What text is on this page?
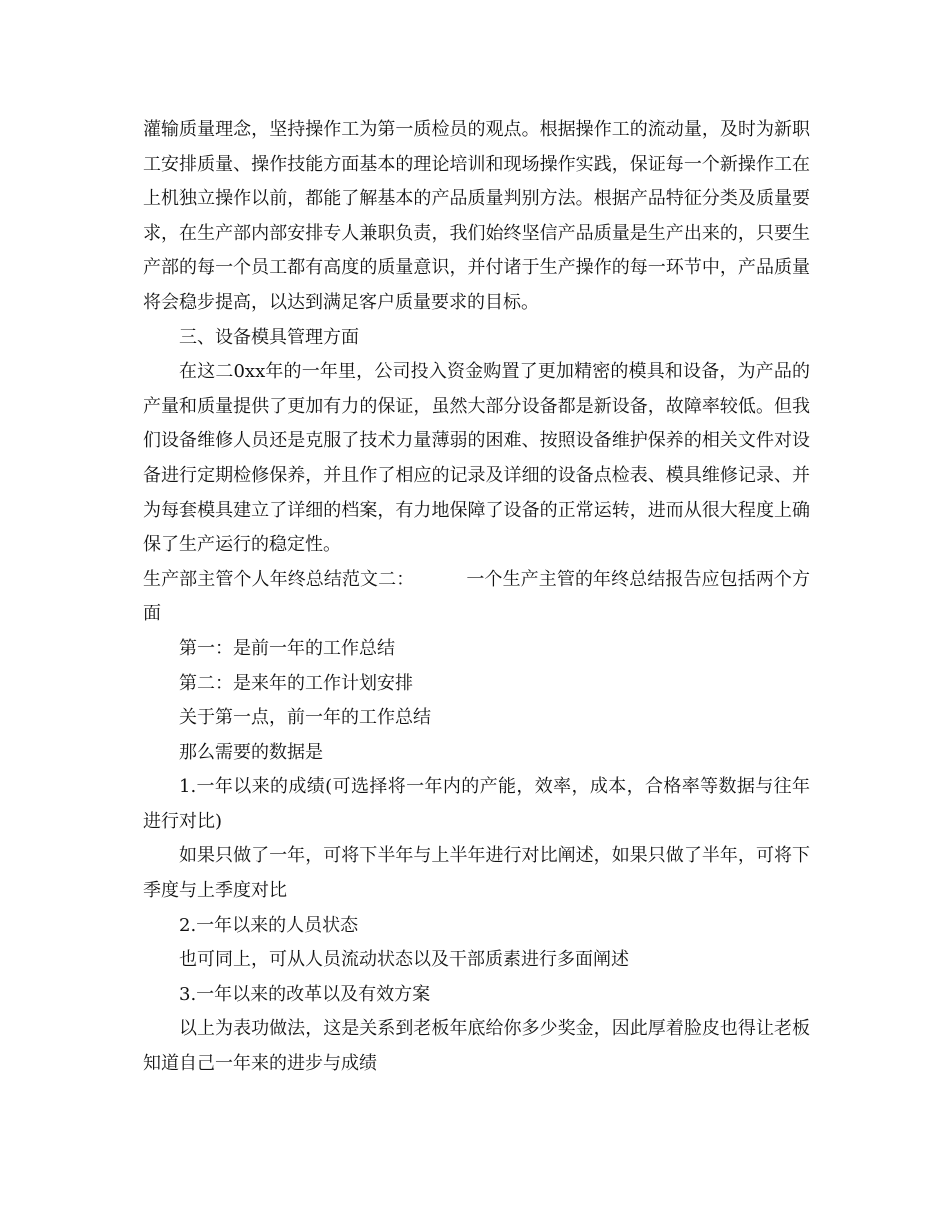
灌输质量理念，坚持操作工为第一质检员的观点。根据操作工的流动量，及时为新职工安排质量、操作技能方面基本的理论培训和现场操作实践，保证每一个新操作工在上机独立操作以前，都能了解基本的产品质量判别方法。根据产品特征分类及质量要求，在生产部内部安排专人兼职负责，我们始终坚信产品质量是生产出来的，只要生产部的每一个员工都有高度的质量意识，并付诸于生产操作的每一环节中，产品质量将会稳步提高，以达到满足客户质量要求的目标。

三、设备模具管理方面

在这二0xx年的一年里，公司投入资金购置了更加精密的模具和设备，为产品的产量和质量提供了更加有力的保证，虽然大部分设备都是新设备，故障率较低。但我们设备维修人员还是克服了技术力量薄弱的困难、按照设备维护保养的相关文件对设备进行定期检修保养，并且作了相应的记录及详细的设备点检表、模具维修记录、并为每套模具建立了详细的档案，有力地保障了设备的正常运转，进而从很大程度上确保了生产运行的稳定性。

生产部主管个人年终总结范文二：	一个生产主管的年终总结报告应包括两个方面

第一：是前一年的工作总结

第二：是来年的工作计划安排

关于第一点，前一年的工作总结

那么需要的数据是

1.一年以来的成绩(可选择将一年内的产能，效率，成本，合格率等数据与往年进行对比)

如果只做了一年，可将下半年与上半年进行对比阐述，如果只做了半年，可将下季度与上季度对比

2.一年以来的人员状态

也可同上，可从人员流动状态以及干部质素进行多面阐述

3.一年以来的改革以及有效方案

以上为表功做法，这是关系到老板年底给你多少奖金，因此厚着脸皮也得让老板知道自己一年来的进步与成绩
